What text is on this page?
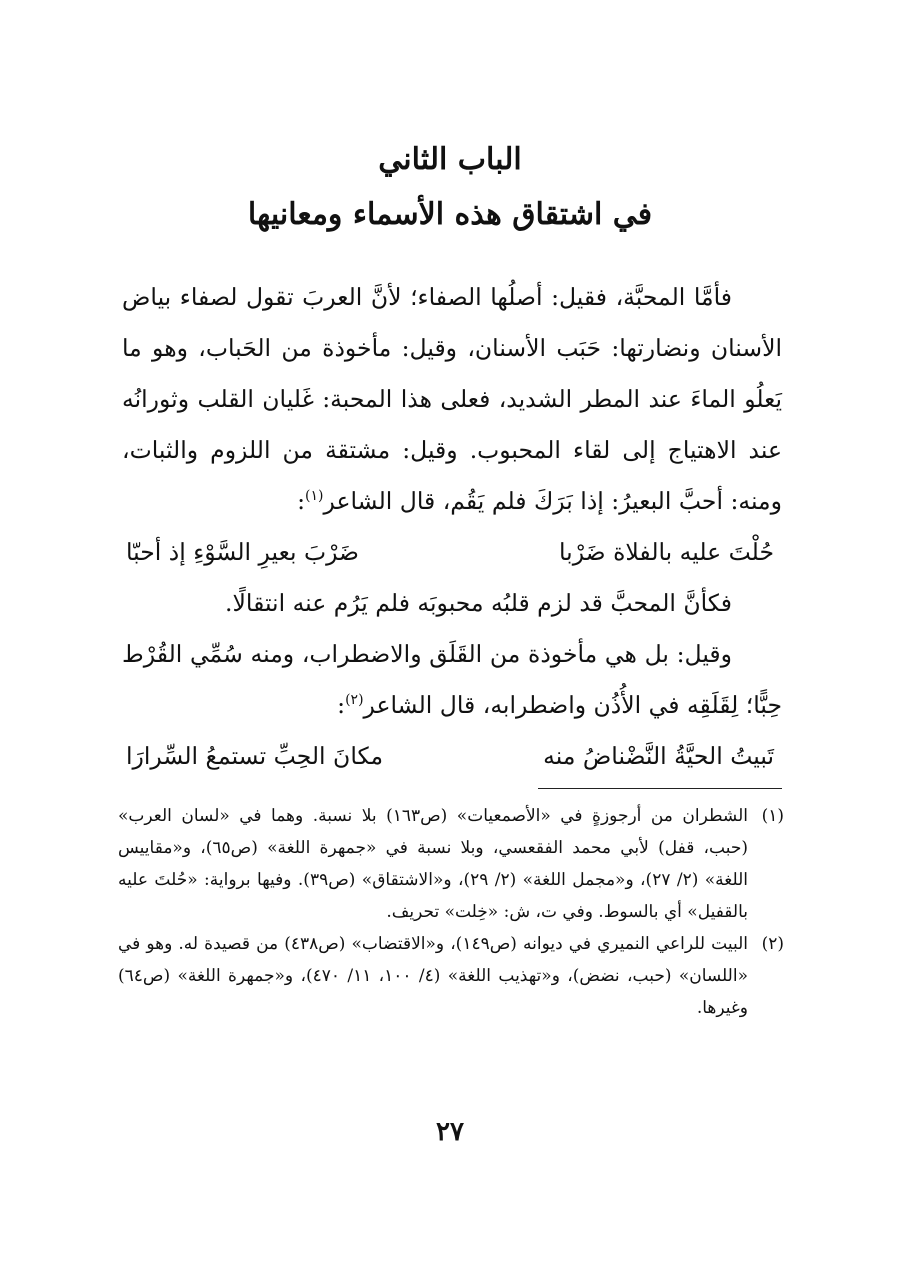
الباب الثاني
في اشتقاق هذه الأسماء ومعانيها

فأمَّا المحبَّة، فقيل: أصلُها الصفاء؛ لأنَّ العربَ تقول لصفاء بياض الأسنان ونضارتها: حَبَب الأسنان، وقيل: مأخوذة من الحَباب، وهو ما يَعلُو الماءَ عند المطر الشديد، فعلى هذا المحبة: غَليان القلب وثورانُه عند الاهتياج إلى لقاء المحبوب. وقيل: مشتقة من اللزوم والثبات، ومنه: أحبَّ البعيرُ: إذا بَرَكَ فلم يَقُم، قال الشاعر$^{(١)}$:

حُلْتَ عليه بالفلاة ضَرْبا
ضَرْبَ بعيرِ السَّوْءِ إذ أحبّا

فكأنَّ المحبَّ قد لزم قلبُه محبوبَه فلم يَرُم عنه انتقالًا.

وقيل: بل هي مأخوذة من القَلَق والاضطراب، ومنه سُمِّي القُرْط حِبًّا؛ لِقَلَقِه في الأُذُن واضطرابه، قال الشاعر$^{(٢)}$:

تَبيتُ الحيَّةُ النَّضْناضُ منه
مكانَ الحِبِّ تستمعُ السِّرارَا
(١)

الشطران من أرجوزةٍ في «الأصمعيات» (ص١٦٣) بلا نسبة. وهما في «لسان العرب» (حبب، قفل) لأبي محمد الفقعسي، وبلا نسبة في «جمهرة اللغة» (ص٦٥)، و«مقاييس اللغة» (٢/ ٢٧)، و«مجمل اللغة» (٢/ ٢٩)، و«الاشتقاق» (ص٣٩). وفيها برواية: «حُلتَ عليه بالقفيل» أي بالسوط. وفي ت، ش: «خِلت» تحريف.

(٢)

البيت للراعي النميري في ديوانه (ص١٤٩)، و«الاقتضاب» (ص٤٣٨) من قصيدة له. وهو في «اللسان» (حبب، نضض)، و«تهذيب اللغة» (٤/ ١٠٠، ١١/ ٤٧٠)، و«جمهرة اللغة» (ص٦٤) وغيرها.

٢٧
